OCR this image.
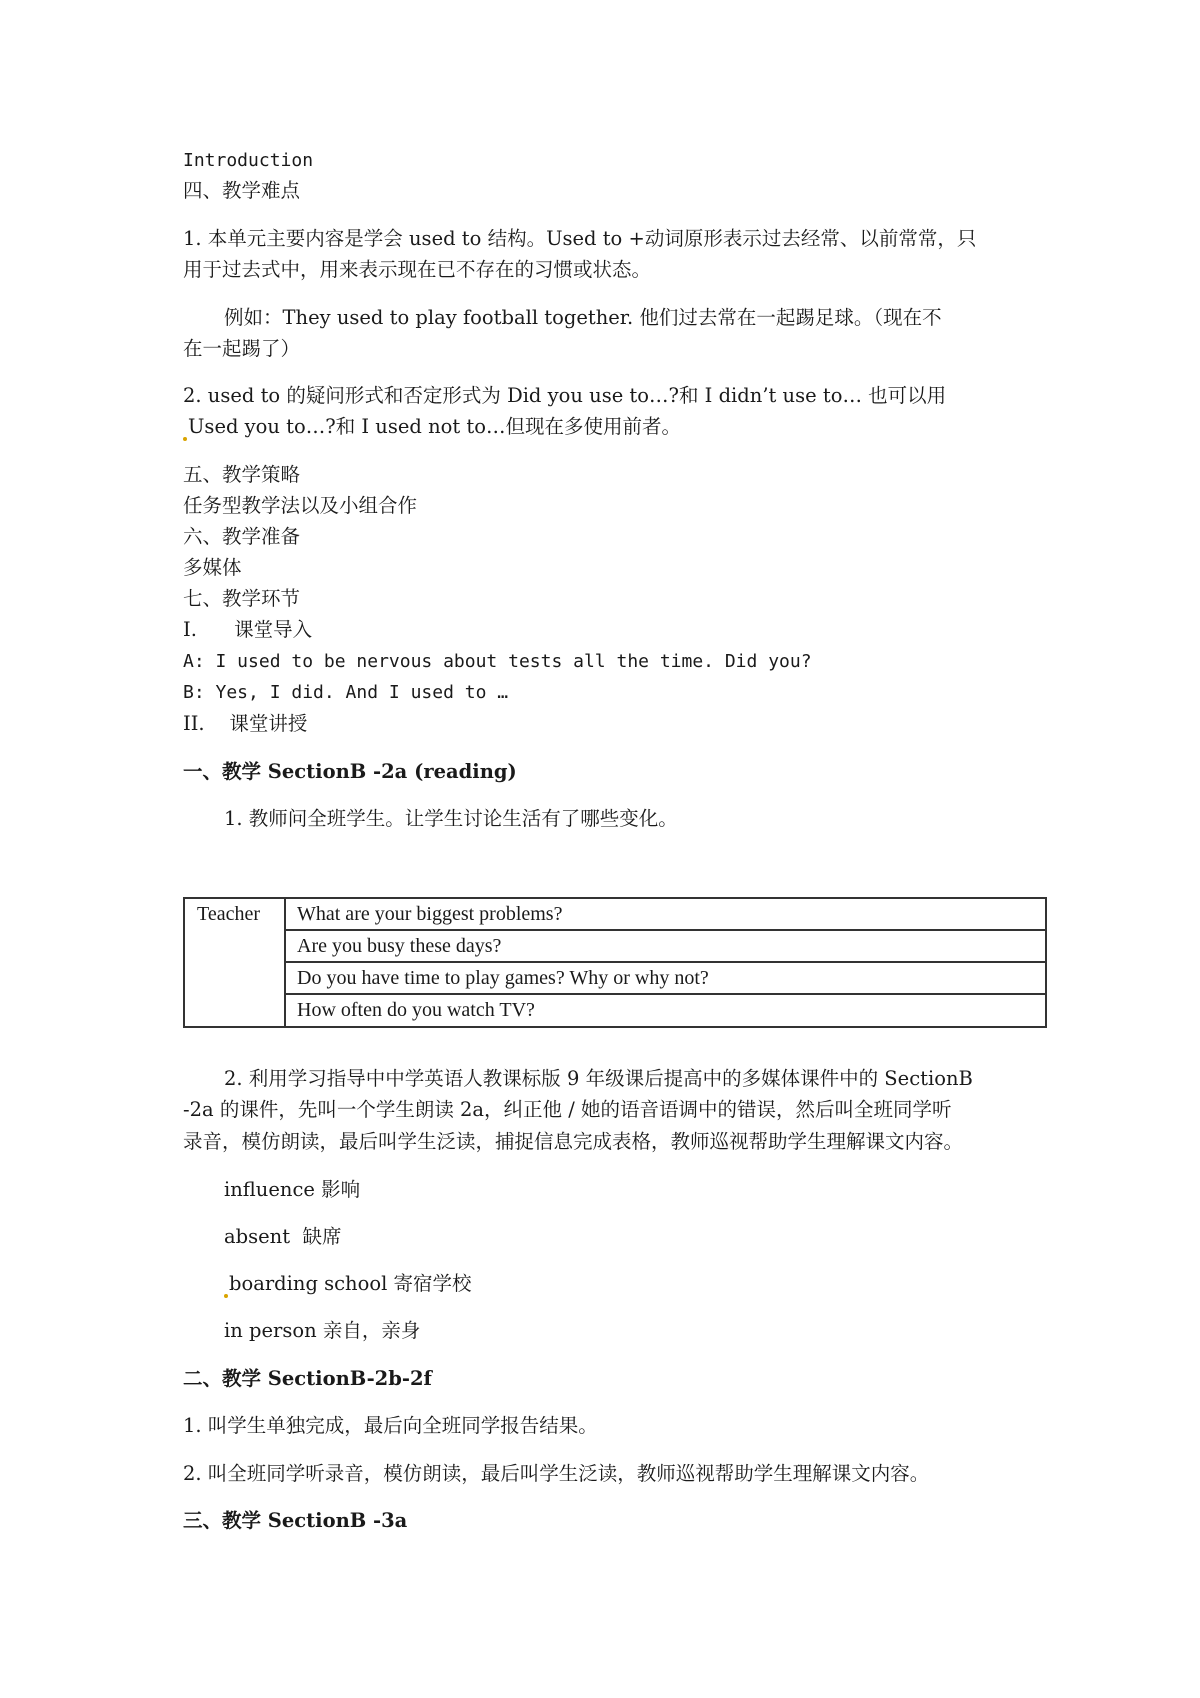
Introduction
四、教学难点
1. 本单元主要内容是学会 used to 结构。Used to +动词原形表示过去经常、以前常常，只
用于过去式中，用来表示现在已不存在的习惯或状态。
例如：They used to play football together. 他们过去常在一起踢足球。（现在不
在一起踢了）
2. used to 的疑问形式和否定形式为 Did you use to…?和 I didn’t use to… 也可以用
Used you to…?和 I used not to…但现在多使用前者。
五、教学策略
任务型教学法以及小组合作
六、教学准备
多媒体
七、教学环节
I.      课堂导入
A: I used to be nervous about tests all the time. Did you?
B: Yes, I did. And I used to …
II.    课堂讲授
一、教学 SectionB -2a (reading)
1. 教师问全班学生。让学生讨论生活有了哪些变化。
Teacher What are your biggest problems?
Are you busy these days?
Do you have time to play games? Why or why not?
How often do you watch TV?
2. 利用学习指导中中学英语人教课标版 9 年级课后提高中的多媒体课件中的 SectionB
-2a 的课件，先叫一个学生朗读 2a，纠正他 / 她的语音语调中的错误，然后叫全班同学听
录音，模仿朗读，最后叫学生泛读，捕捉信息完成表格，教师巡视帮助学生理解课文内容。
influence 影响
absent  缺席
boarding school 寄宿学校
in person 亲自，亲身
二、教学 SectionB-2b-2f
1. 叫学生单独完成，最后向全班同学报告结果。
2. 叫全班同学听录音，模仿朗读，最后叫学生泛读，教师巡视帮助学生理解课文内容。
三、教学 SectionB -3a
